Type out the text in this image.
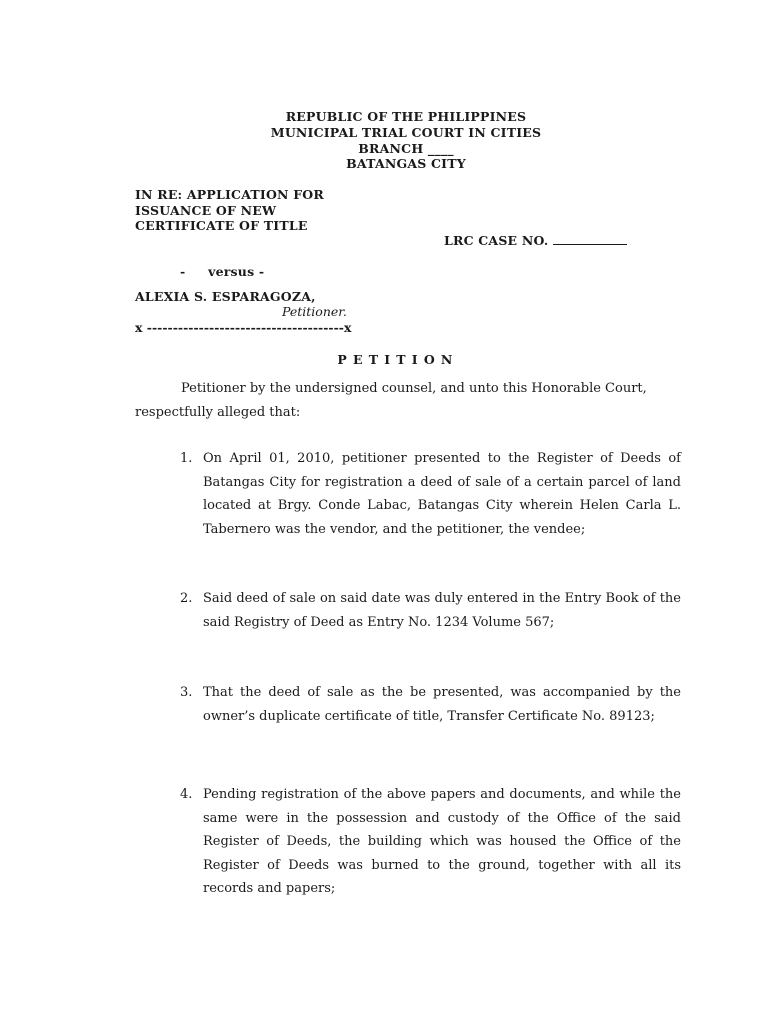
REPUBLIC OF THE PHILIPPINES
MUNICIPAL TRIAL COURT IN CITIES
BRANCH ____
BATANGAS CITY
IN RE: APPLICATION FOR
ISSUANCE OF NEW
CERTIFICATE OF TITLE
LRC CASE NO.
-     versus -
ALEXIA S. ESPARAGOZA,
Petitioner.
x --------------------------------------x
PETITION
Petitioner by the undersigned counsel, and unto this Honorable Court, respectfully alleged that:
1. On April 01, 2010, petitioner presented to the Register of Deeds of Batangas City for registration a deed of sale of a certain parcel of land located at Brgy. Conde Labac, Batangas City wherein Helen Carla L. Tabernero was the vendor, and the petitioner, the vendee;
2. Said deed of sale on said date was duly entered in the Entry Book of the said Registry of Deed as Entry No. 1234 Volume 567;
3. That the deed of sale as the be presented, was accompanied by the owner’s duplicate certificate of title, Transfer Certificate No. 89123;
4. Pending registration of the above papers and documents, and while the same were in the possession and custody of the Office of the said Register of Deeds, the building which was housed the Office of the Register of Deeds was burned to the ground, together with all its records and papers;
